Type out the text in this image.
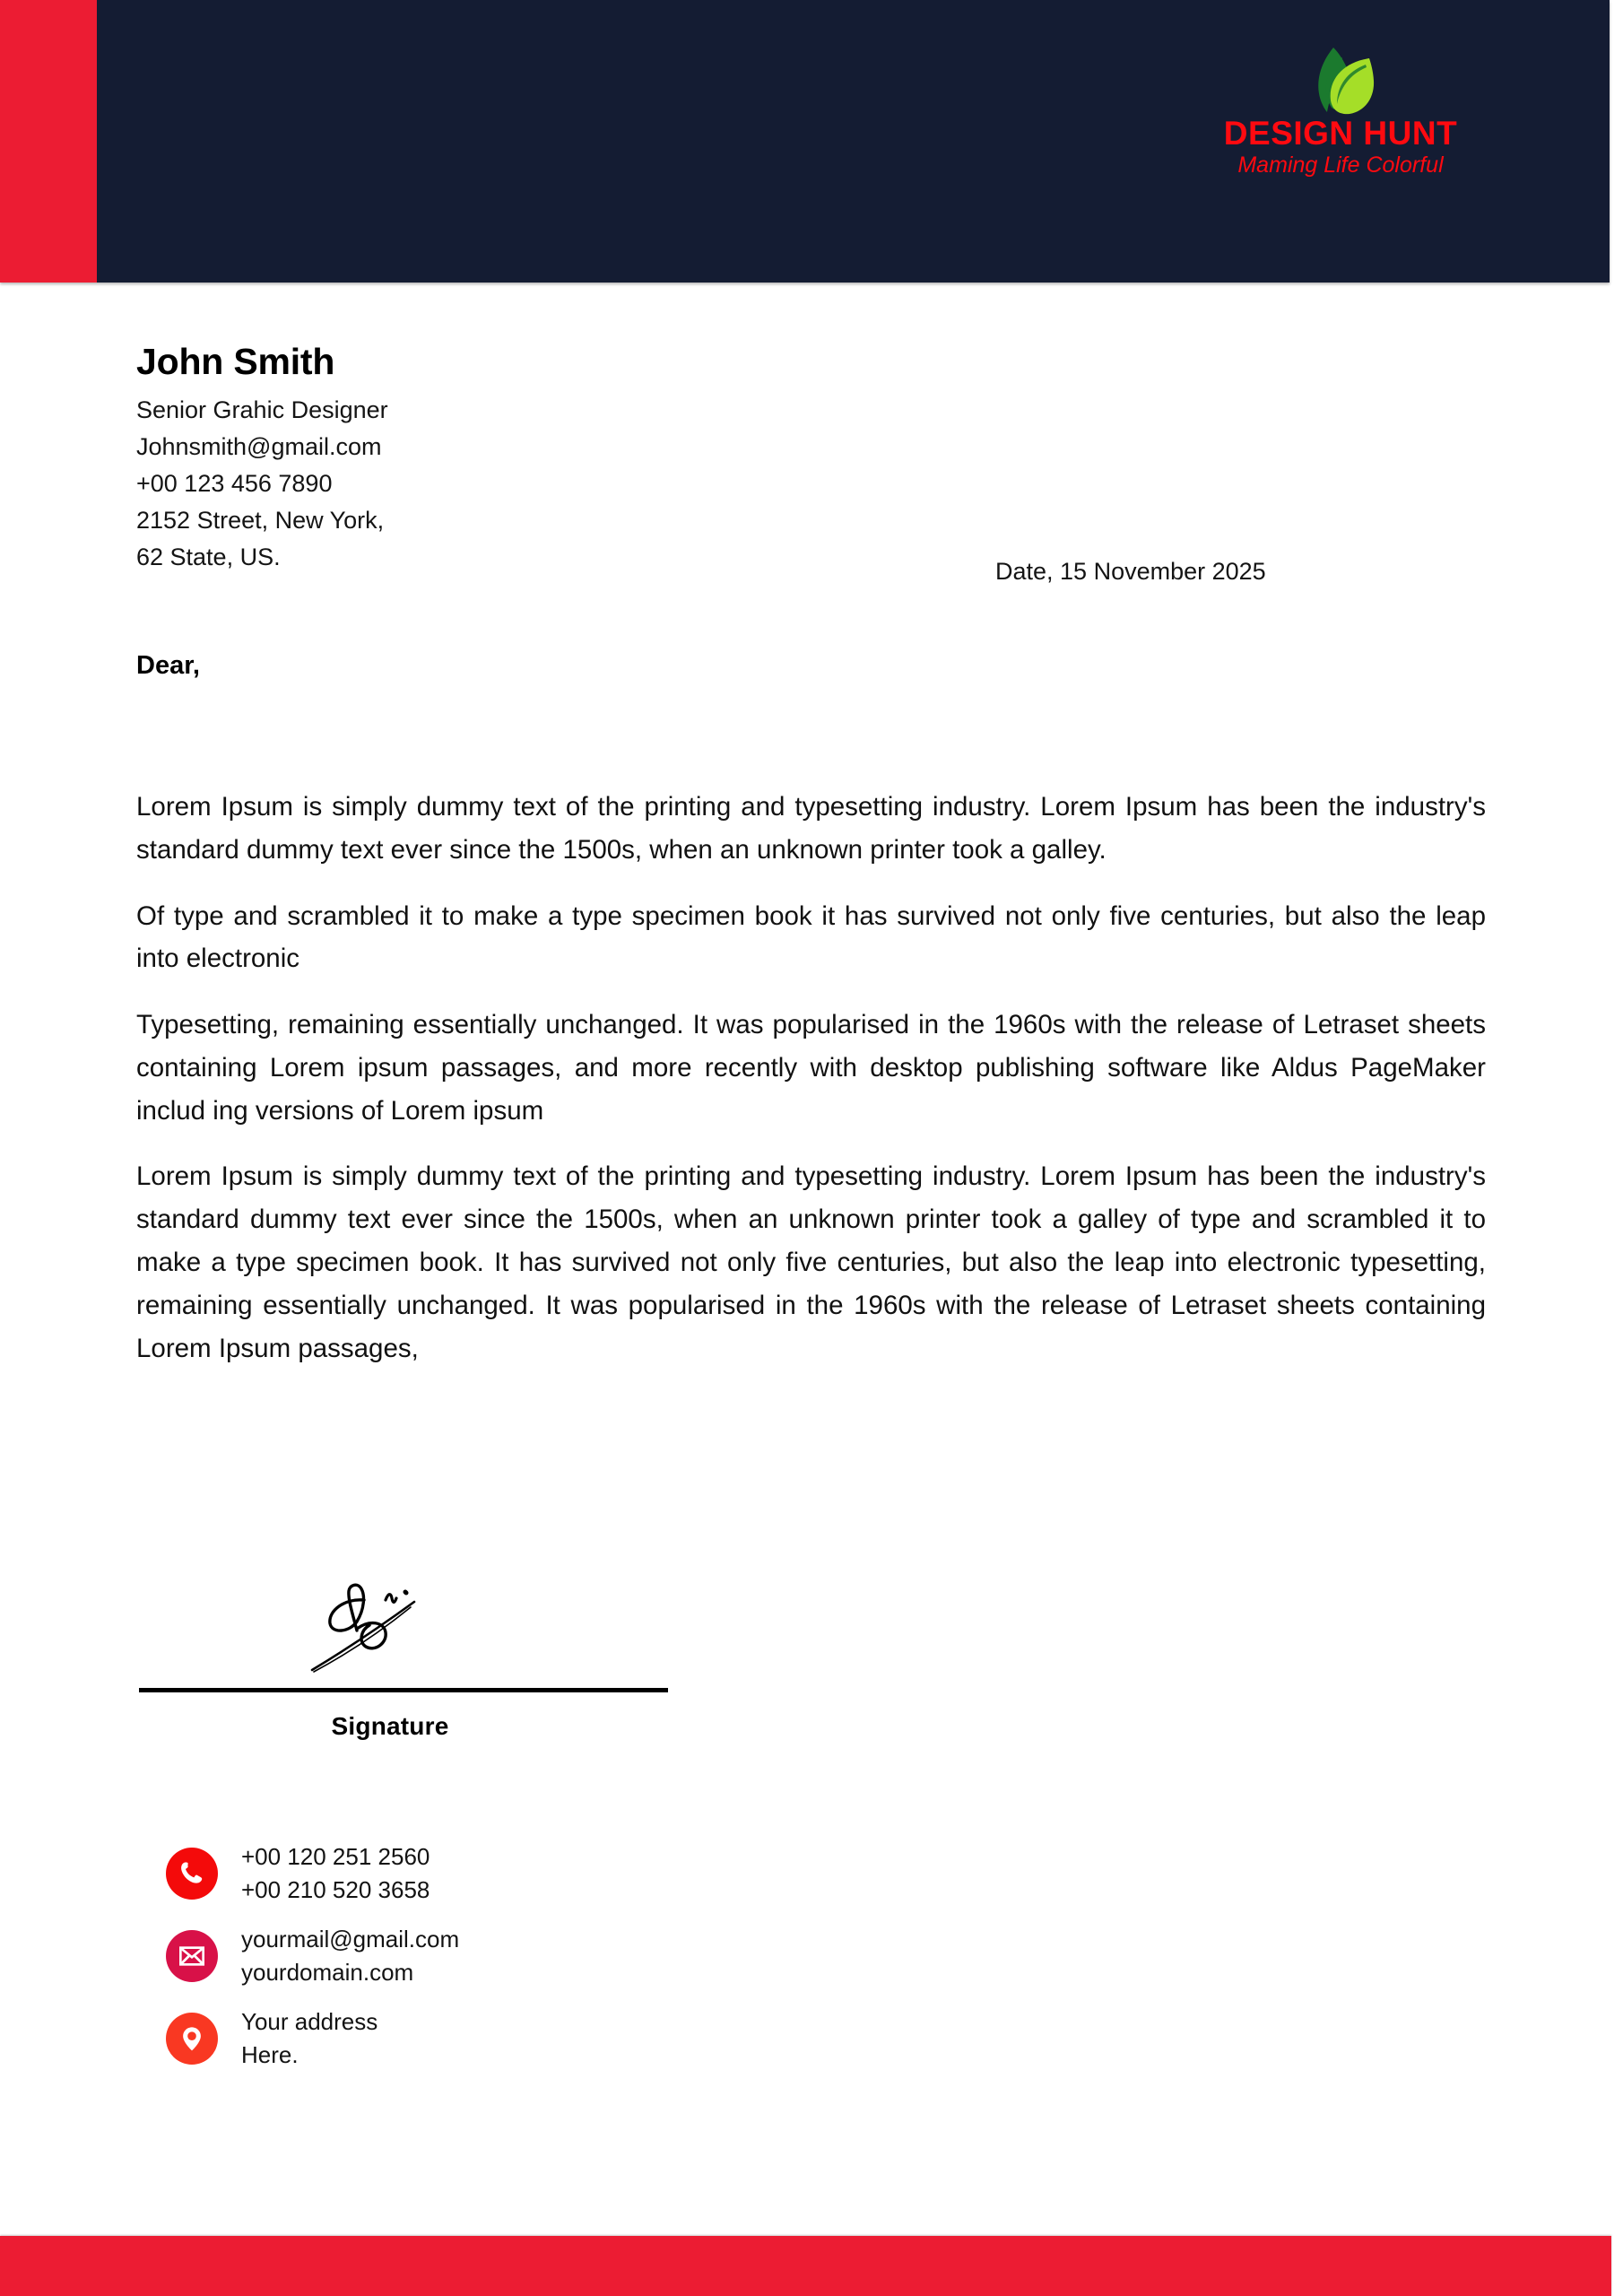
DESIGN HUNT
Maming Life Colorful
John Smith
Senior Grahic Designer
Johnsmith@gmail.com
+00 123 456 7890
2152 Street, New York,
62 State, US.
Date, 15 November 2025
Dear,

Lorem Ipsum is simply dummy text of the printing and typesetting industry. Lorem Ipsum has been the industry's standard dummy text ever since the 1500s, when an unknown printer took a galley.

Of type and scrambled it to make a type specimen book it has survived not only five centuries, but also the leap into electronic

Typesetting, remaining essentially unchanged. It was popularised in the 1960s with the release of Letraset sheets containing Lorem ipsum passages, and more recently with desktop publishing software like Aldus PageMaker includ ing versions of Lorem ipsum

Lorem Ipsum is simply dummy text of the printing and typesetting industry. Lorem Ipsum has been the industry's standard dummy text ever since the 1500s, when an unknown printer took a galley of type and scrambled it to make a type specimen book. It has survived not only five centuries, but also the leap into electronic typesetting, remaining essentially unchanged. It was popularised in the 1960s with the release of Letraset sheets containing Lorem Ipsum passages,

Signature
+00 120 251 2560
+00 210 520 3658
yourmail@gmail.com
yourdomain.com
Your address
Here.
